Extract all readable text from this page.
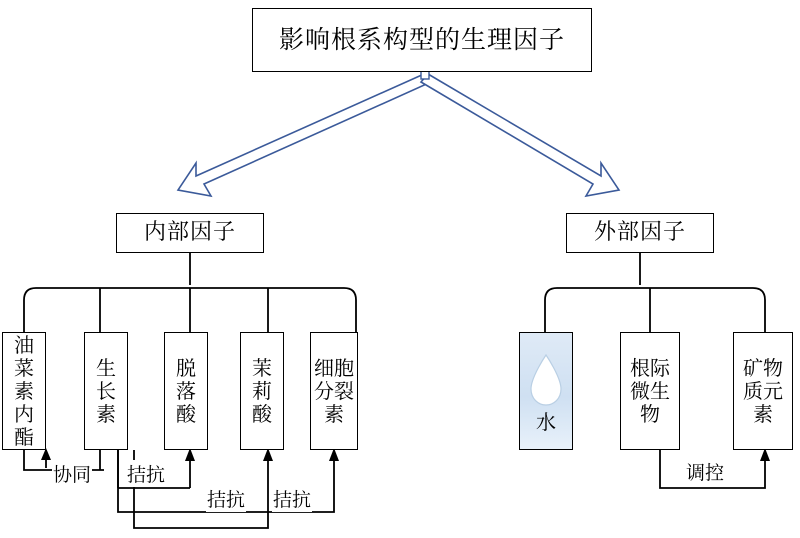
影响根系构型的生理因子
内部因子	外部因子
油菜素内酯
生长素
脱落酸
茉莉酸
细胞分裂素	水
根际微生物
矿物质元素
协同 拮抗
拮抗 拮抗
调控
